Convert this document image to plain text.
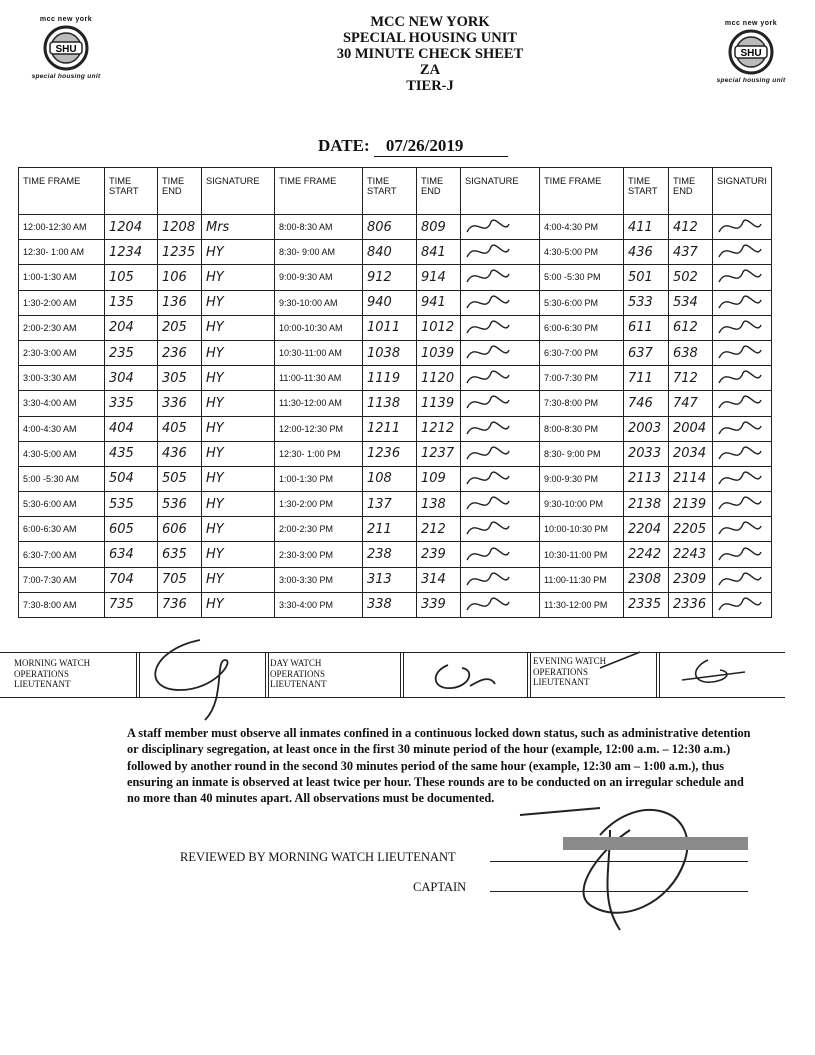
mcc new york
SHU
special housing unit
mcc new york
SHU
special housing unit
MCC NEW YORK
SPECIAL HOUSING UNIT
30 MINUTE CHECK SHEET
ZA
TIER-J
DATE: 07/26/2019
TIME FRAME	TIME START	TIME END	SIGNATURE	TIME FRAME	TIME START	TIME END	SIGNATURE	TIME FRAME	TIME START	TIME END	SIGNATURI
12:00-12:30 AM	1204	1208	Mrs	8:00-8:30 AM	806	809		4:00-4:30 PM	411	412	
12:30- 1:00 AM	1234	1235	HY	8:30- 9:00 AM	840	841		4:30-5:00 PM	436	437	
1:00-1:30 AM	105	106	HY	9:00-9:30 AM	912	914		5:00 -5:30 PM	501	502	
1:30-2:00 AM	135	136	HY	9:30-10:00 AM	940	941		5:30-6:00 PM	533	534	
2:00-2:30 AM	204	205	HY	10:00-10:30 AM	1011	1012		6:00-6:30 PM	611	612	
2:30-3:00 AM	235	236	HY	10:30-11:00 AM	1038	1039		6:30-7:00 PM	637	638	
3:00-3:30 AM	304	305	HY	11:00-11:30 AM	1119	1120		7:00-7:30 PM	711	712	
3:30-4:00 AM	335	336	HY	11:30-12:00 AM	1138	1139		7:30-8:00 PM	746	747	
4:00-4:30 AM	404	405	HY	12:00-12:30 PM	1211	1212		8:00-8:30 PM	2003	2004	
4:30-5:00 AM	435	436	HY	12:30- 1:00 PM	1236	1237		8:30- 9:00 PM	2033	2034	
5:00 -5:30 AM	504	505	HY	1:00-1:30 PM	108	109		9:00-9:30 PM	2113	2114	
5:30-6:00 AM	535	536	HY	1:30-2:00 PM	137	138		9:30-10:00 PM	2138	2139	
6:00-6:30 AM	605	606	HY	2:00-2:30 PM	211	212		10:00-10:30 PM	2204	2205	
6:30-7:00 AM	634	635	HY	2:30-3:00 PM	238	239		10:30-11:00 PM	2242	2243	
7:00-7:30 AM	704	705	HY	3:00-3:30 PM	313	314		11:00-11:30 PM	2308	2309	
7:30-8:00 AM	735	736	HY	3:30-4:00 PM	338	339		11:30-12:00 PM	2335	2336	
MORNING WATCH
OPERATIONS
LIEUTENANT
DAY WATCH
OPERATIONS
LIEUTENANT
EVENING WATCH
OPERATIONS
LIEUTENANT
A staff member must observe all inmates confined in a continuous locked down status, such as administrative detention or disciplinary segregation, at least once in the first 30 minute period of the hour (example, 12:00 a.m. – 12:30 a.m.) followed by another round in the second 30 minutes period of the same hour (example, 12:30 am – 1:00 a.m.), thus ensuring an inmate is observed at least twice per hour. These rounds are to be conducted on an irregular schedule and no more than 40 minutes apart. All observations must be documented.
REVIEWED BY MORNING WATCH LIEUTENANT
CAPTAIN
